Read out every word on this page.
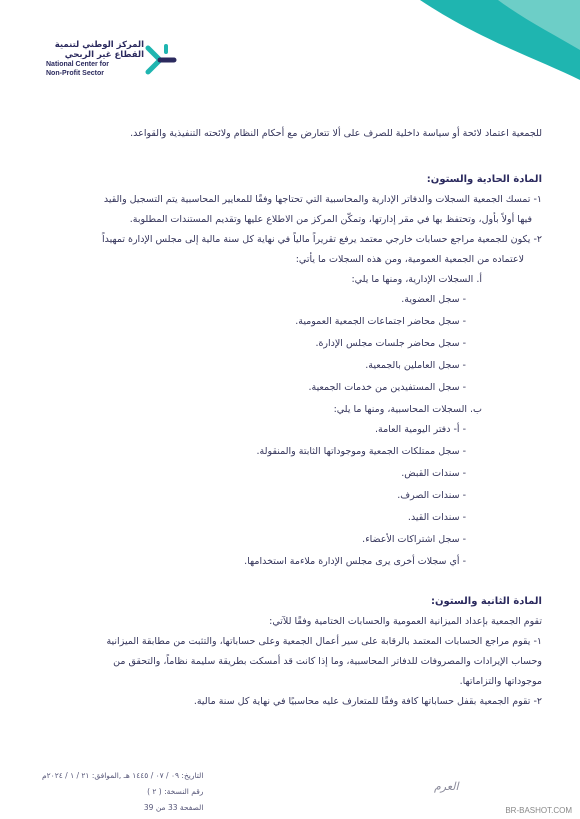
المركز الوطني لتنمية
القطاع غير الربحي
National Center for
Non-Profit Sector

للجمعية اعتماد لائحة أو سياسة داخلية للصرف على ألا تتعارض مع أحكام النظام ولائحته التنفيذية والقواعد.

المادة الحادية والستون:

١- تمسك الجمعية السجلات والدفاتر الإدارية والمحاسبية التي تحتاجها وفقًا للمعايير المحاسبية يتم التسجيل والقيد

فيها أولاً بأول، وتحتفظ بها في مقر إدارتها، وتمكّن المركز من الاطلاع عليها وتقديم المستندات المطلوبة.

٢- يكون للجمعية مراجع حسابات خارجي معتمد يرفع تقريراً مالياً في نهاية كل سنة مالية إلى مجلس الإدارة تمهيداً

لاعتماده من الجمعية العمومية، ومن هذه السجلات ما يأتي:

أ. السجلات الإدارية، ومنها ما يلي:

- سجل العضوية.
- سجل محاضر اجتماعات الجمعية العمومية.
- سجل محاضر جلسات مجلس الإدارة.
- سجل العاملين بالجمعية.
- سجل المستفيدين من خدمات الجمعية.

ب. السجلات المحاسبية، ومنها ما يلي:

- أ- دفتر اليومية العامة.
- سجل ممتلكات الجمعية وموجوداتها الثابتة والمنقولة.
- سندات القبض.
- سندات الصرف.
- سندات القيد.
- سجل اشتراكات الأعضاء.
- أي سجلات أخرى يرى مجلس الإدارة ملاءمة استخدامها.

المادة الثانية والستون:

تقوم الجمعية بإعداد الميزانية العمومية والحسابات الختامية وفقًا للآتي:

١- يقوم مراجع الحسابات المعتمد بالرقابة على سير أعمال الجمعية وعلى حساباتها، والتثبت من مطابقة الميزانية

وحساب الإيرادات والمصروفات للدفاتر المحاسبية، وما إذا كانت قد أمسكت بطريقة سليمة نظاماً، والتحقق من

موجوداتها والتزاماتها.

٢- تقوم الجمعية بقفل حساباتها كافة وفقًا للمتعارف عليه محاسبيًا في نهاية كل سنة مالية.

التاريخ: ٠٩ / ٠٧ / ١٤٤٥ هـ ,الموافق: ٢١ / ١ / ٢٠٢٤م
رقم النسخة: ( ٢ )
الصفحة 33 من 39
العرم
BR-BASHOT.COM
